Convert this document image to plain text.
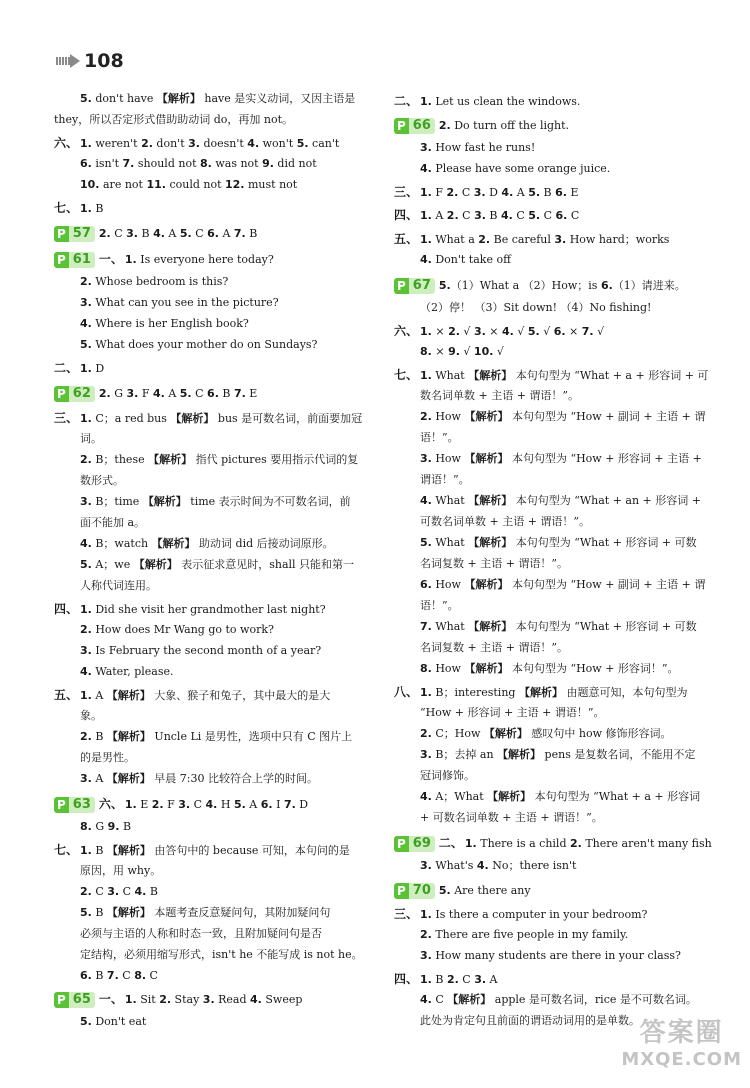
108
5. don't have 【解析】 have 是实义动词，又因主语是
they，所以否定形式借助助动词 do，再加 not。
六、 1. weren't 2. don't 3. doesn't 4. won't 5. can't
6. isn't 7. should not 8. was not 9. did not
10. are not 11. could not 12. must not
七、 1. B
P 57 2. C 3. B 4. A 5. C 6. A 7. B
P 61 一、 1. Is everyone here today?
2. Whose bedroom is this?
3. What can you see in the picture?
4. Where is her English book?
5. What does your mother do on Sundays?
二、 1. D
P 62 2. G 3. F 4. A 5. C 6. B 7. E
三、 1. C；a red bus 【解析】 bus 是可数名词，前面要加冠
词。
2. B；these 【解析】 指代 pictures 要用指示代词的复
数形式。
3. B；time 【解析】 time 表示时间为不可数名词，前
面不能加 a。
4. B；watch 【解析】 助动词 did 后接动词原形。
5. A；we 【解析】 表示征求意见时，shall 只能和第一
人称代词连用。
四、 1. Did she visit her grandmother last night?
2. How does Mr Wang go to work?
3. Is February the second month of a year?
4. Water, please.
五、 1. A 【解析】 大象、猴子和兔子，其中最大的是大
象。
2. B 【解析】 Uncle Li 是男性，选项中只有 C 图片上
的是男性。
3. A 【解析】 早晨 7:30 比较符合上学的时间。
P 63 六、 1. E 2. F 3. C 4. H 5. A 6. I 7. D
8. G 9. B
七、 1. B 【解析】 由答句中的 because 可知，本句问的是
原因，用 why。
2. C 3. C 4. B
5. B 【解析】 本题考查反意疑问句，其附加疑问句
必须与主语的人称和时态一致，且附加疑问句是否
定结构，必须用缩写形式，isn't he 不能写成 is not he。
6. B 7. C 8. C
P 65 一、 1. Sit 2. Stay 3. Read 4. Sweep
5. Don't eat
二、 1. Let us clean the windows.
P 66 2. Do turn off the light.
3. How fast he runs!
4. Please have some orange juice.
三、 1. F 2. C 3. D 4. A 5. B 6. E
四、 1. A 2. C 3. B 4. C 5. C 6. C
五、 1. What a 2. Be careful 3. How hard；works
4. Don't take off
P 67 5.（1）What a （2）How；is 6.（1）请进来。
（2）停！ （3）Sit down! （4）No fishing!
六、 1. × 2. √ 3. × 4. √ 5. √ 6. × 7. √
8. × 9. √ 10. √
七、 1. What 【解析】 本句句型为 “What + a + 形容词 + 可
数名词单数 + 主语 + 谓语！”。
2. How 【解析】 本句句型为 “How + 副词 + 主语 + 谓
语！”。
3. How 【解析】 本句句型为 “How + 形容词 + 主语 +
谓语！”。
4. What 【解析】 本句句型为 “What + an + 形容词 +
可数名词单数 + 主语 + 谓语！”。
5. What 【解析】 本句句型为 “What + 形容词 + 可数
名词复数 + 主语 + 谓语！”。
6. How 【解析】 本句句型为 “How + 副词 + 主语 + 谓
语！”。
7. What 【解析】 本句句型为 “What + 形容词 + 可数
名词复数 + 主语 + 谓语！”。
8. How 【解析】 本句句型为 “How + 形容词！”。
八、 1. B；interesting 【解析】 由题意可知，本句句型为
“How + 形容词 + 主语 + 谓语！”。
2. C；How 【解析】 感叹句中 how 修饰形容词。
3. B；去掉 an 【解析】 pens 是复数名词，不能用不定
冠词修饰。
4. A；What 【解析】 本句句型为 “What + a + 形容词
+ 可数名词单数 + 主语 + 谓语！”。
P 69 二、 1. There is a child 2. There aren't many fish
3. What's 4. No；there isn't
P 70 5. Are there any
三、 1. Is there a computer in your bedroom?
2. There are five people in my family.
3. How many students are there in your class?
四、 1. B 2. C 3. A
4. C 【解析】 apple 是可数名词，rice 是不可数名词。
此处为肯定句且前面的谓语动词用的是单数。 答案圈
MXQE.COM
